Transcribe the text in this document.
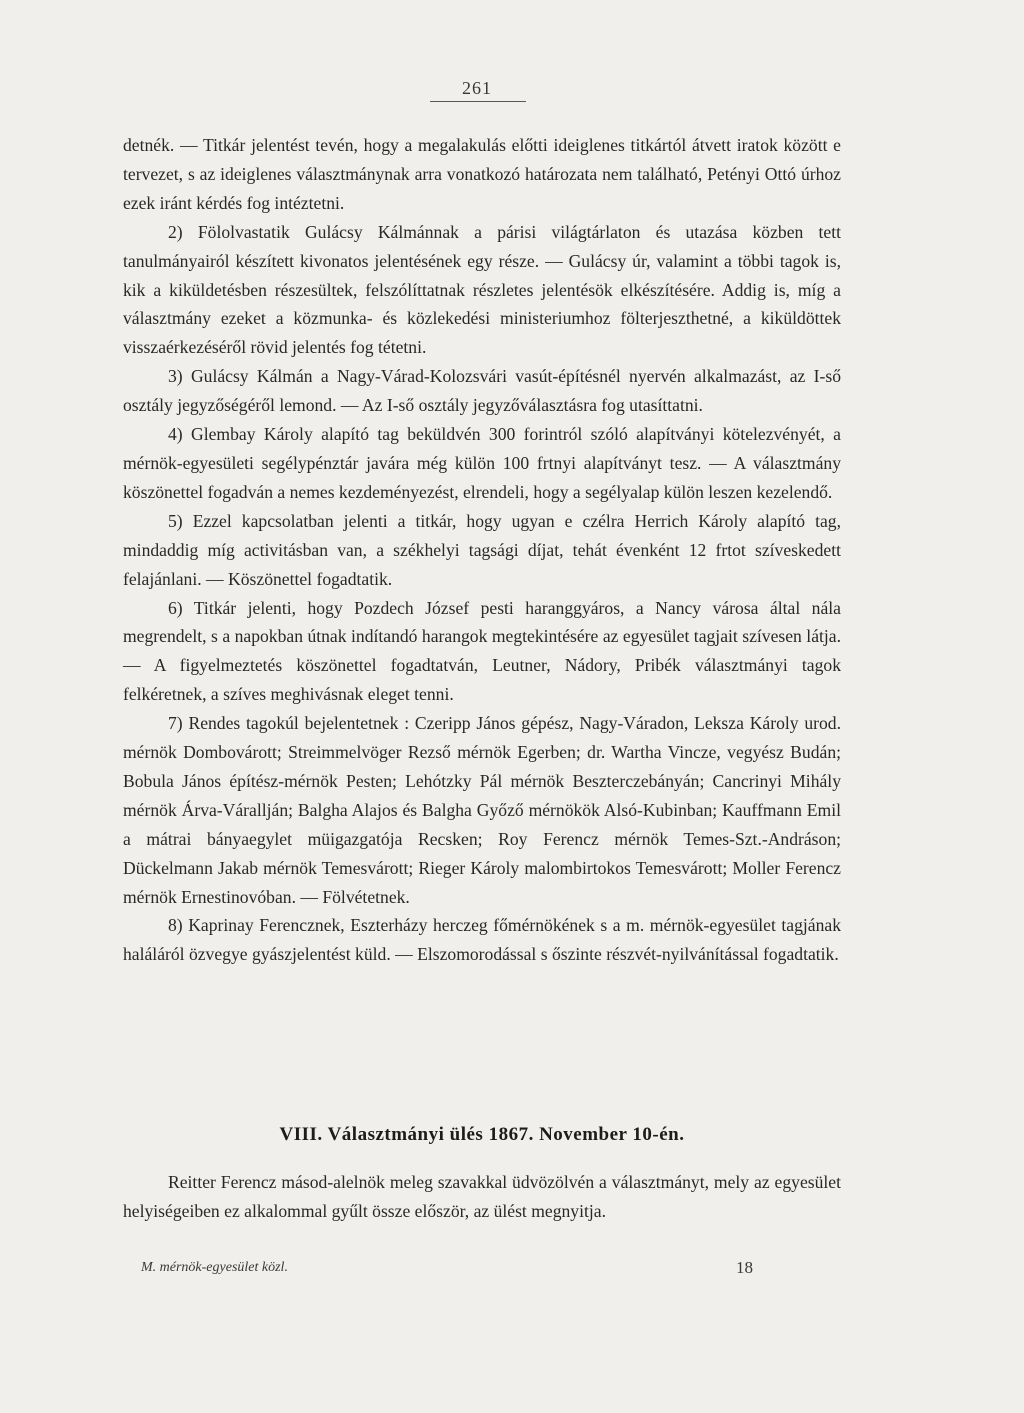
261

detnék. — Titkár jelentést tevén, hogy a megalakulás előtti ideiglenes titkártól átvett iratok között e tervezet, s az ideiglenes választmánynak arra vonatkozó határozata nem található, Petényi Ottó úrhoz ezek iránt kérdés fog intéztetni.

2) Fölolvastatik Gulácsy Kálmánnak a párisi világtárlaton és utazása közben tett tanulmányairól készített kivonatos jelentésének egy része. — Gulácsy úr, valamint a többi tagok is, kik a kiküldetésben részesültek, felszólíttatnak részletes jelentésök elkészítésére. Addig is, míg a választmány ezeket a közmunka- és közlekedési ministeriumhoz fölterjeszthetné, a kiküldöttek visszaérkezéséről rövid jelentés fog tétetni.

3) Gulácsy Kálmán a Nagy-Várad-Kolozsvári vasút-építésnél nyervén alkalmazást, az I-ső osztály jegyzőségéről lemond. — Az I-ső osztály jegyzőválasztásra fog utasíttatni.

4) Glembay Károly alapító tag beküldvén 300 forintról szóló alapítványi kötelezvényét, a mérnök-egyesületi segélypénztár javára még külön 100 frtnyi alapítványt tesz. — A választmány köszönettel fogadván a nemes kezdeményezést, elrendeli, hogy a segélyalap külön leszen kezelendő.

5) Ezzel kapcsolatban jelenti a titkár, hogy ugyan e czélra Herrich Károly alapító tag, mindaddig míg activitásban van, a székhelyi tagsági díjat, tehát évenként 12 frtot szíveskedett felajánlani. — Köszönettel fogadtatik.

6) Titkár jelenti, hogy Pozdech József pesti haranggyáros, a Nancy városa által nála megrendelt, s a napokban útnak indítandó harangok megtekintésére az egyesület tagjait szívesen látja. — A figyelmeztetés köszönettel fogadtatván, Leutner, Nádory, Pribék választmányi tagok felkéretnek, a szíves meghivásnak eleget tenni.

7) Rendes tagokúl bejelentetnek : Czeripp János gépész, Nagy-Váradon, Leksza Károly urod. mérnök Dombovárott; Streimmelvöger Rezső mérnök Egerben; dr. Wartha Vincze, vegyész Budán; Bobula János építész-mérnök Pesten; Lehótzky Pál mérnök Beszterczebányán; Cancrinyi Mihály mérnök Árva-Várallján; Balgha Alajos és Balgha Győző mérnökök Alsó-Kubinban; Kauffmann Emil a mátrai bányaegylet müigazgatója Recsken; Roy Ferencz mérnök Temes-Szt.-Andráson; Dückelmann Jakab mérnök Temesvárott; Rieger Károly malombirtokos Temesvárott; Moller Ferencz mérnök Ernestinovóban. — Fölvétetnek.

8) Kaprinay Ferencznek, Eszterházy herczeg főmérnökének s a m. mérnök-egyesület tagjának haláláról özvegye gyászjelentést küld. — Elszomorodással s őszinte részvét-nyilvánítással fogadtatik.

VIII. Választmányi ülés 1867. November 10-én.

Reitter Ferencz másod-alelnök meleg szavakkal üdvözölvén a választmányt, mely az egyesület helyiségeiben ez alkalommal gyűlt össze először, az ülést megnyitja.

M. mérnök-egyesület közl.	18
